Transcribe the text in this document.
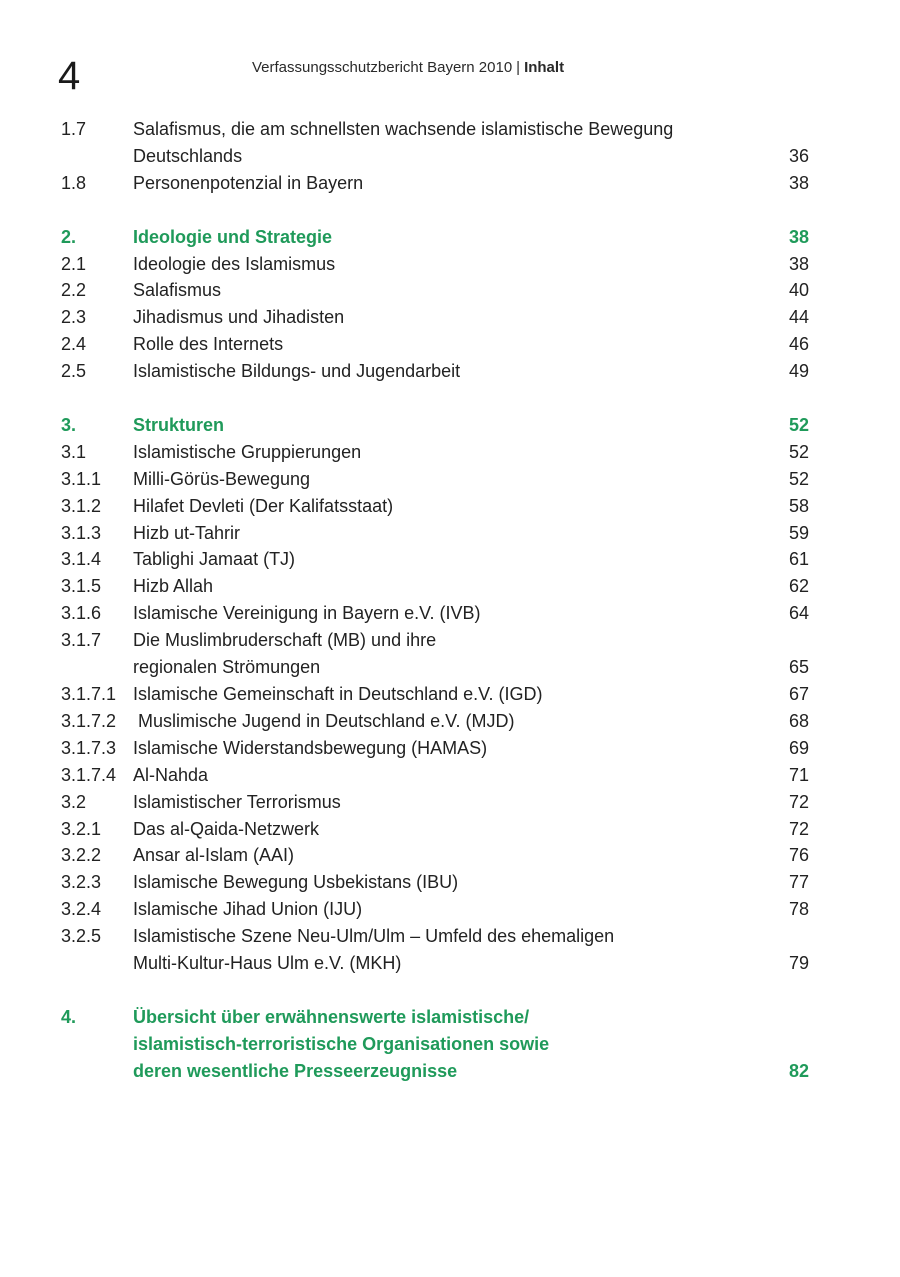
4	Verfassungsschutzbericht Bayern 2010 | Inhalt
1.7	Salafismus, die am schnellsten wachsende islamistische Bewegung
Deutschlands	36
1.8	Personenpotenzial in Bayern	38
2.	Ideologie und Strategie	38
2.1	Ideologie des Islamismus	38
2.2	Salafismus	40
2.3	Jihadismus und Jihadisten	44
2.4	Rolle des Internets	46
2.5	Islamistische Bildungs- und Jugendarbeit	49
3.	Strukturen	52
3.1	Islamistische Gruppierungen	52
3.1.1	Milli-Görüs-Bewegung	52
3.1.2	Hilafet Devleti (Der Kalifatsstaat)	58
3.1.3	Hizb ut-Tahrir	59
3.1.4	Tablighi Jamaat (TJ)	61
3.1.5	Hizb Allah	62
3.1.6	Islamische Vereinigung in Bayern e.V. (IVB)	64
3.1.7	Die Muslimbruderschaft (MB) und ihre
regionalen Strömungen	65
3.1.7.1 Islamische Gemeinschaft in Deutschland e.V. (IGD)	67
3.1.7.2 Muslimische Jugend in Deutschland e.V. (MJD)	68
3.1.7.3 Islamische Widerstandsbewegung (HAMAS)	69
3.1.7.4 Al-Nahda	71
3.2	Islamistischer Terrorismus	72
3.2.1	Das al-Qaida-Netzwerk	72
3.2.2	Ansar al-Islam (AAI)	76
3.2.3	Islamische Bewegung Usbekistans (IBU)	77
3.2.4	Islamische Jihad Union (IJU)	78
3.2.5	Islamistische Szene Neu-Ulm/Ulm – Umfeld des ehemaligen
Multi-Kultur-Haus Ulm e.V. (MKH)	79
4.	Übersicht über erwähnenswerte islamistische/
islamistisch-terroristische Organisationen sowie
deren wesentliche Presseerzeugnisse	82
